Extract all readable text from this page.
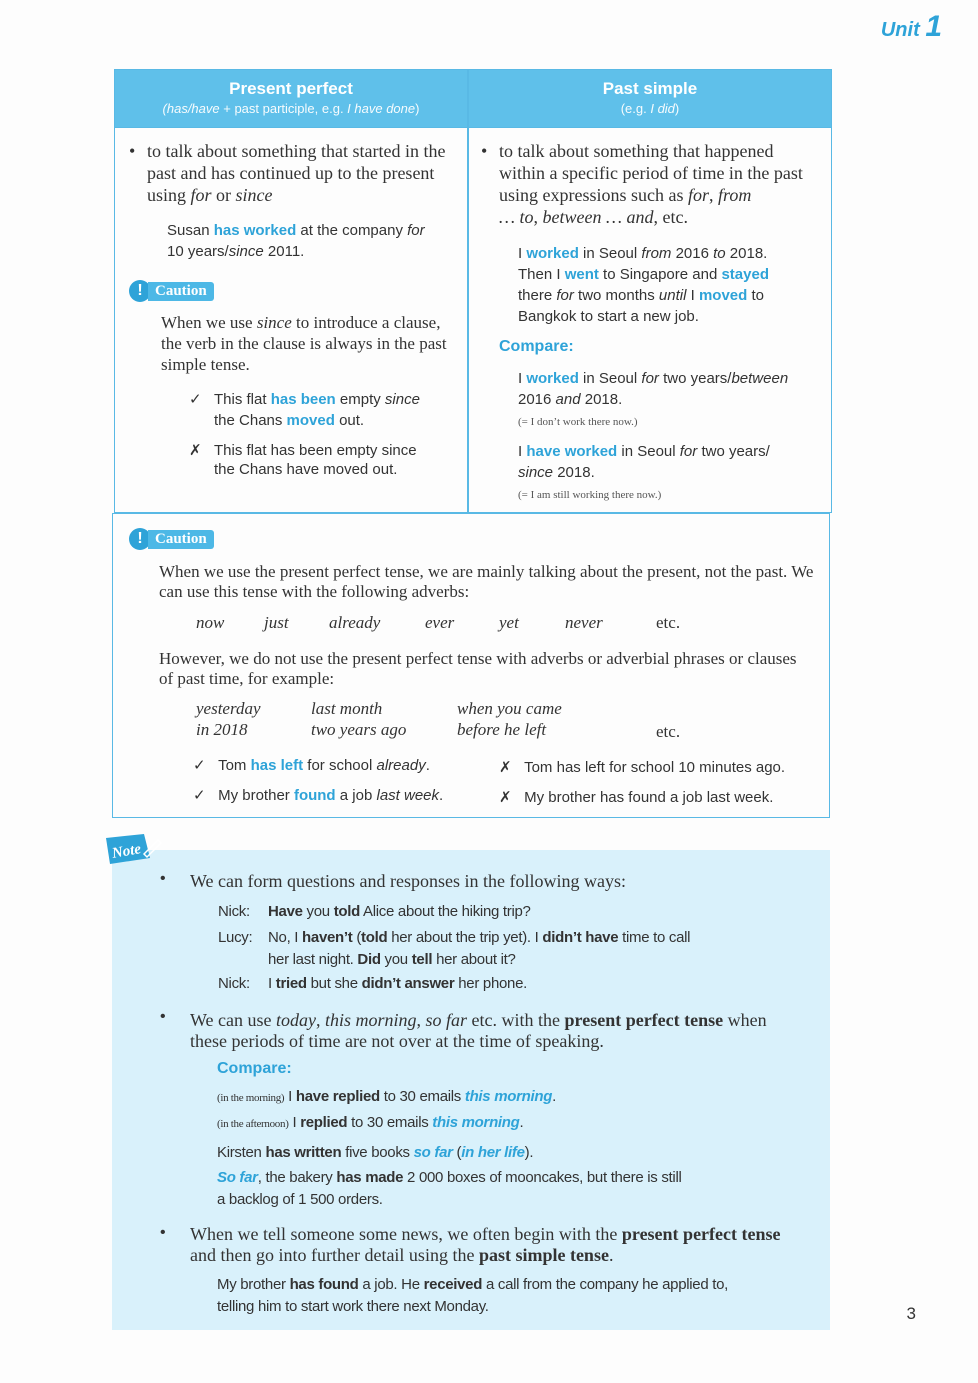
Unit 1
Present perfect
(has/have + past participle, e.g. I have done)
Past simple
(e.g. I did)
• to talk about something that started in the past and has continued up to the present using for or since
Susan has worked at the company for
10 years/since 2011.
! Caution
When we use since to introduce a clause, the verb in the clause is always in the past simple tense.
✓ This flat has been empty since
the Chans moved out.
✗ This flat has been empty since
the Chans have moved out.
• to talk about something that happened within a specific period of time in the past using expressions such as for, from
… to, between … and, etc.
I worked in Seoul from 2016 to 2018.
Then I went to Singapore and stayed
there for two months until I moved to
Bangkok to start a new job.
Compare:
I worked in Seoul for two years/between
2016 and 2018.
(= I don’t work there now.)
I have worked in Seoul for two years/
since 2018.
(= I am still working there now.)
! Caution
When we use the present perfect tense, we are mainly talking about the present, not the past. We can use this tense with the following adverbs:
now just already	ever	yet	never	etc.
However, we do not use the present perfect tense with adverbs or adverbial phrases or clauses of past time, for example:
yesterday
in 2018
last month
two years ago
when you came
before he left	etc.
✓ Tom has left for school already.
✓ My brother found a job last week.
✗ Tom has left for school 10 minutes ago.
✗ My brother has found a job last week.
Note
• We can form questions and responses in the following ways:
Nick: Have you told Alice about the hiking trip?
Lucy: No, I haven’t (told her about the trip yet). I didn’t have time to call
her last night. Did you tell her about it?
Nick: I tried but she didn’t answer her phone.
• We can use today, this morning, so far etc. with the present perfect tense when these periods of time are not over at the time of speaking.
Compare:
(in the morning) I have replied to 30 emails this morning.
(in the afternoon) I replied to 30 emails this morning.
Kirsten has written five books so far (in her life).
So far, the bakery has made 2 000 boxes of mooncakes, but there is still
a backlog of 1 500 orders.
• When we tell someone some news, we often begin with the present perfect tense and then go into further detail using the past simple tense.
My brother has found a job. He received a call from the company he applied to,
telling him to start work there next Monday.	3
